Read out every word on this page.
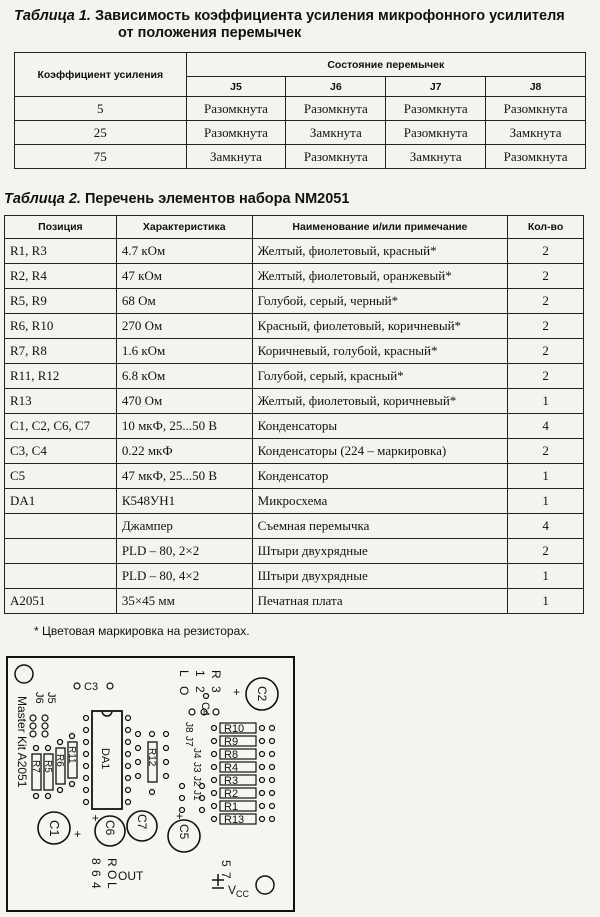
Таблица 1. Зависимость коэффициента усиления микрофонного усилителя
от положения перемычек
Коэффициент усиления	Состояние перемычек			
	J5	J6	J7	J8
5	Разомкнута	Разомкнута	Разомкнута	Разомкнута
25	Разомкнута	Замкнута	Разомкнута	Замкнута
75	Замкнута	Разомкнута	Замкнута	Разомкнута
Таблица 2. Перечень элементов набора NM2051
Позиция	Характеристика	Наименование и/или примечание	Кол-во
R1, R3	4.7 кОм	Желтый, фиолетовый, красный*	2
R2, R4	47 кОм	Желтый, фиолетовый, оранжевый*	2
R5, R9	68 Ом	Голубой, серый, черный*	2
R6, R10	270 Ом	Красный, фиолетовый, коричневый*	2
R7, R8	1.6 кОм	Коричневый, голубой, красный*	2
R11, R12	6.8 кОм	Голубой, серый, красный*	2
R13	470 Ом	Желтый, фиолетовый, коричневый*	1
C1, C2, C6, C7	10 мкФ, 25...50 В	Конденсаторы	4
C3, C4	0.22 мкФ	Конденсаторы (224 – маркировка)	2
C5	47 мкФ, 25...50 В	Конденсатор	1
DA1	К548УН1	Микросхема	1
	Джампер	Съемная перемычка	4
	PLD – 80, 2×2	Штыри двухрядные	2
	PLD – 80, 4×2	Штыри двухрядные	1
A2051	35×45 мм	Печатная плата	1
* Цветовая маркировка на резисторах.
Master Kit A2051 J6 J5
C3
DA1
R11
R6
R5
R7
C1 + C6 C7
+
R12
C5
+
L
O
1
2
R
3
C4
C2
+
J8
J7
J4
J3
J2
J1
R10
R9
R8
R4
R3
R2
R1
R13
8
6
4
R
O
L
OUT
5
7
$V_{CC}$
